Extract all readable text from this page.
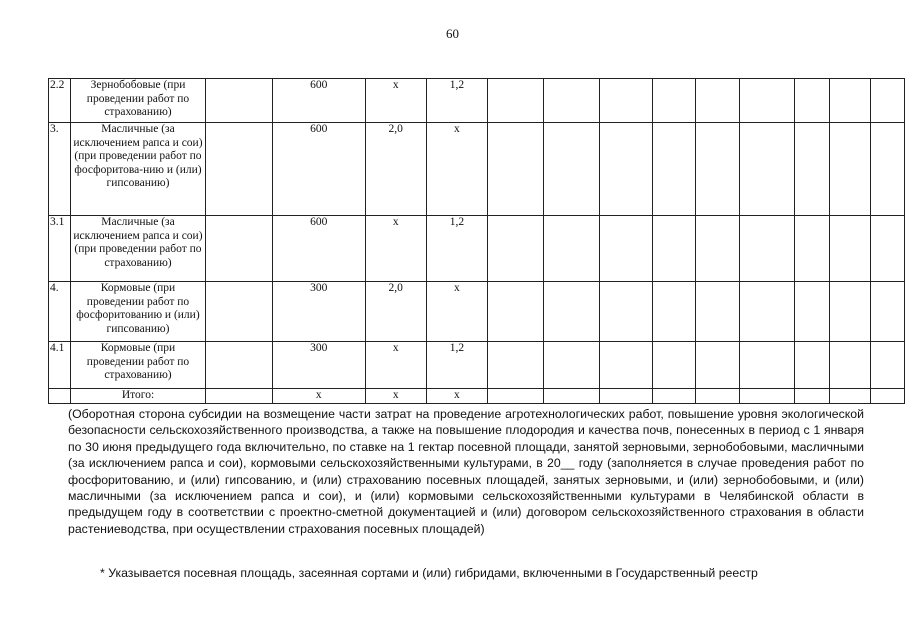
60
2.2	Зернобобовые (при проведении работ по страхованию)		600	х	1,2									
3.	Масличные (за исключением рапса и сои) (при проведении работ по фосфоритова-нию и (или) гипсованию)		600	2,0	х									
3.1	Масличные (за исключением рапса и сои) (при проведении работ по страхованию)		600	х	1,2									
4.	Кормовые (при проведении работ по фосфоритованию и (или) гипсованию)		300	2,0	х									
4.1	Кормовые (при проведении работ по страхованию)		300	х	1,2									
	Итого:		х	х	х									
(Оборотная сторона субсидии на возмещение части затрат на проведение агротехнологических работ, повышение уровня экологической безопасности сельскохозяйственного производства, а также на повышение плодородия и качества почв, понесенных в период с 1 января по 30 июня предыдущего года включительно, по ставке на 1 гектар посевной площади, занятой зерновыми, зернобобовыми, масличными (за исключением рапса и сои), кормовыми сельскохозяйственными культурами, в 20__ году (заполняется в случае проведения работ по фосфоритованию, и (или) гипсованию, и (или) страхованию посевных площадей, занятых зерновыми, и (или) зернобобовыми, и (или) масличными (за исключением рапса и сои), и (или) кормовыми сельскохозяйственными культурами в Челябинской области в предыдущем году в соответствии с проектно-сметной документацией и (или) договором сельскохозяйственного страхования в области растениеводства, при осуществлении страхования посевных площадей)
* Указывается посевная площадь, засеянная сортами и (или) гибридами, включенными в Государственный реестр
